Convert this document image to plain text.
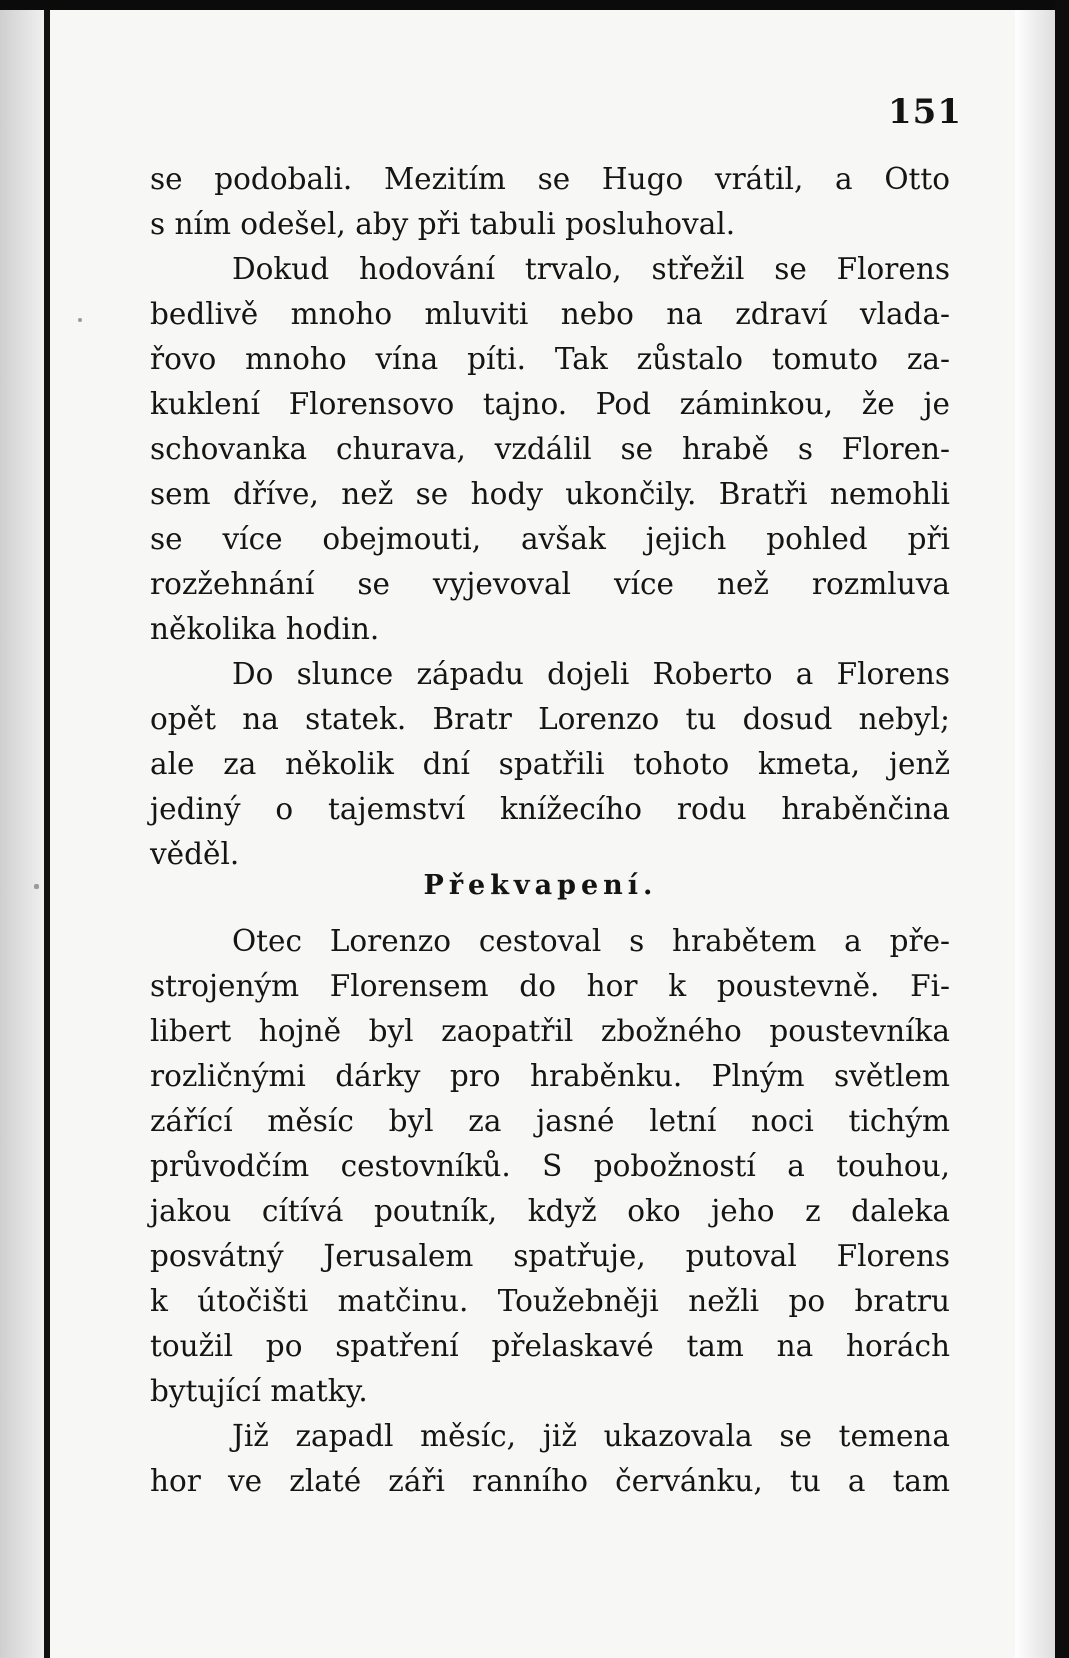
151
se podobali. Mezitím se Hugo vrátil, a Otto
s ním odešel, aby při tabuli posluhoval.
Dokud hodování trvalo, střežil se Florens
bedlivě mnoho mluviti nebo na zdraví vlada-
řovo mnoho vína píti. Tak zůstalo tomuto za-
kuklení Florensovo tajno. Pod záminkou, že je
schovanka churava, vzdálil se hrabě s Floren-
sem dříve, než se hody ukončily. Bratři nemohli
se více obejmouti, avšak jejich pohled při
rozžehnání se vyjevoval více než rozmluva
několika hodin.
Do slunce západu dojeli Roberto a Florens
opět na statek. Bratr Lorenzo tu dosud nebyl;
ale za několik dní spatřili tohoto kmeta, jenž
jediný o tajemství knížecího rodu hraběnčina
věděl.
Překvapení.
Otec Lorenzo cestoval s hrabětem a pře-
strojeným Florensem do hor k poustevně. Fi-
libert hojně byl zaopatřil zbožného poustevníka
rozličnými dárky pro hraběnku. Plným světlem
zářící měsíc byl za jasné letní noci tichým
průvodčím cestovníků. S pobožností a touhou,
jakou cítívá poutník, když oko jeho z daleka
posvátný Jerusalem spatřuje, putoval Florens
k útočišti matčinu. Toužebněji nežli po bratru
toužil po spatření přelaskavé tam na horách
bytující matky.
Již zapadl měsíc, již ukazovala se temena
hor ve zlaté záři ranního červánku, tu a tam
